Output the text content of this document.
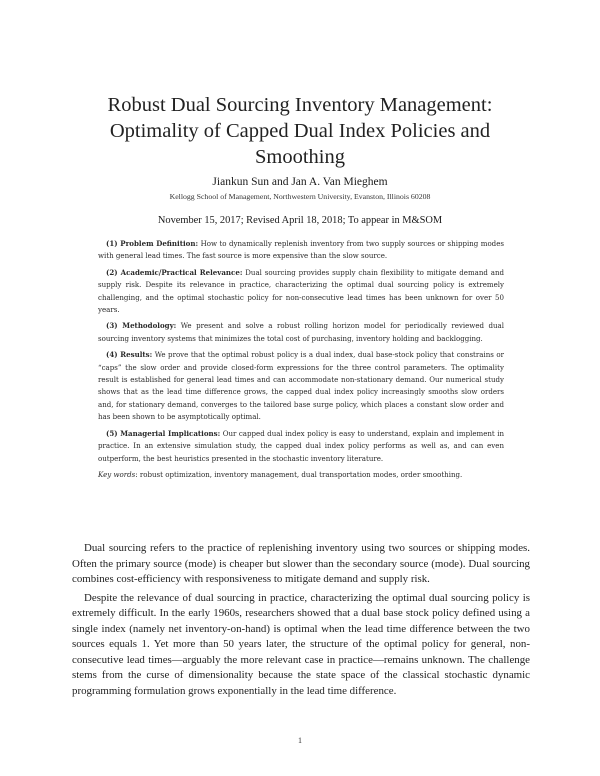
Robust Dual Sourcing Inventory Management:
Optimality of Capped Dual Index Policies and
Smoothing
Jiankun Sun and Jan A. Van Mieghem
Kellogg School of Management, Northwestern University, Evanston, Illinois 60208
November 15, 2017; Revised April 18, 2018; To appear in M&SOM

(1) Problem Definition: How to dynamically replenish inventory from two supply sources or shipping modes with general lead times. The fast source is more expensive than the slow source.

(2) Academic/Practical Relevance: Dual sourcing provides supply chain flexibility to mitigate demand and supply risk. Despite its relevance in practice, characterizing the optimal dual sourcing policy is extremely challenging, and the optimal stochastic policy for non-consecutive lead times has been unknown for over 50 years.

(3) Methodology: We present and solve a robust rolling horizon model for periodically reviewed dual sourcing inventory systems that minimizes the total cost of purchasing, inventory holding and backlogging.

(4) Results: We prove that the optimal robust policy is a dual index, dual base-stock policy that constrains or “caps” the slow order and provide closed-form expressions for the three control parameters. The optimality result is established for general lead times and can accommodate non-stationary demand. Our numerical study shows that as the lead time difference grows, the capped dual index policy increasingly smooths slow orders and, for stationary demand, converges to the tailored base surge policy, which places a constant slow order and has been shown to be asymptotically optimal.

(5) Managerial Implications: Our capped dual index policy is easy to understand, explain and implement in practice. In an extensive simulation study, the capped dual index policy performs as well as, and can even outperform, the best heuristics presented in the stochastic inventory literature.

Key words: robust optimization, inventory management, dual transportation modes, order smoothing.

Dual sourcing refers to the practice of replenishing inventory using two sources or shipping modes. Often the primary source (mode) is cheaper but slower than the secondary source (mode). Dual sourcing combines cost-efficiency with responsiveness to mitigate demand and supply risk.

Despite the relevance of dual sourcing in practice, characterizing the optimal dual sourcing policy is extremely difficult. In the early 1960s, researchers showed that a dual base stock policy defined using a single index (namely net inventory-on-hand) is optimal when the lead time difference between the two sources equals 1. Yet more than 50 years later, the structure of the optimal policy for general, non-consecutive lead times—arguably the more relevant case in practice—remains unknown. The challenge stems from the curse of dimensionality because the state space of the classical stochastic dynamic programming formulation grows exponentially in the lead time difference.

1
